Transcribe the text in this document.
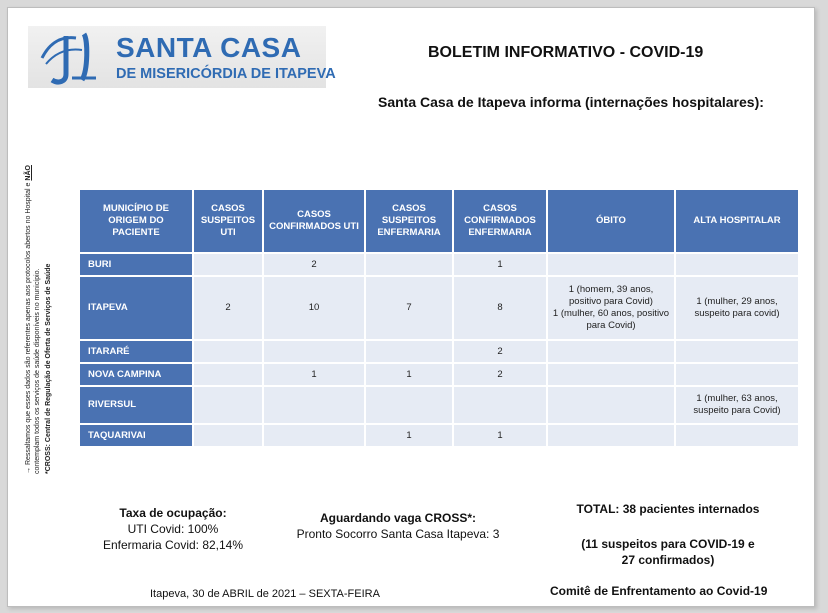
SANTA CASA
DE MISERICÓRDIA DE ITAPEVA
BOLETIM INFORMATIVO - COVID-19
Santa Casa de Itapeva informa (internações hospitalares):
→ Ressaltamos que esses dados são referentes apenas aos protocolos abertos no Hospital e NÃO contemplam todos os serviços de saúde disponíveis no município. *CROSS: Central de Regulação de Oferta de Serviços de Saúde
MUNICÍPIO DE ORIGEM DO PACIENTE	CASOS SUSPEITOS UTI	CASOS CONFIRMADOS UTI	CASOS SUSPEITOS ENFERMARIA	CASOS CONFIRMADOS ENFERMARIA	ÓBITO	ALTA HOSPITALAR
BURI		2		1		
ITAPEVA	2	10	7	8	1 (homem, 39 anos, positivo para Covid)
1 (mulher, 60 anos, positivo para Covid)	1 (mulher, 29 anos, suspeito para covid)
ITARARÉ				2		
NOVA CAMPINA		1	1	2		
RIVERSUL						1 (mulher, 63 anos, suspeito para Covid)
TAQUARIVAI			1	1		
Taxa de ocupação:
UTI Covid: 100%
Enfermaria Covid: 82,14%
Aguardando vaga CROSS*:
Pronto Socorro Santa Casa Itapeva: 3
TOTAL: 38 pacientes internados
(11 suspeitos para COVID-19 e
27 confirmados)
Itapeva, 30 de ABRIL de 2021 – SEXTA-FEIRA	Comitê de Enfrentamento ao Covid-19
